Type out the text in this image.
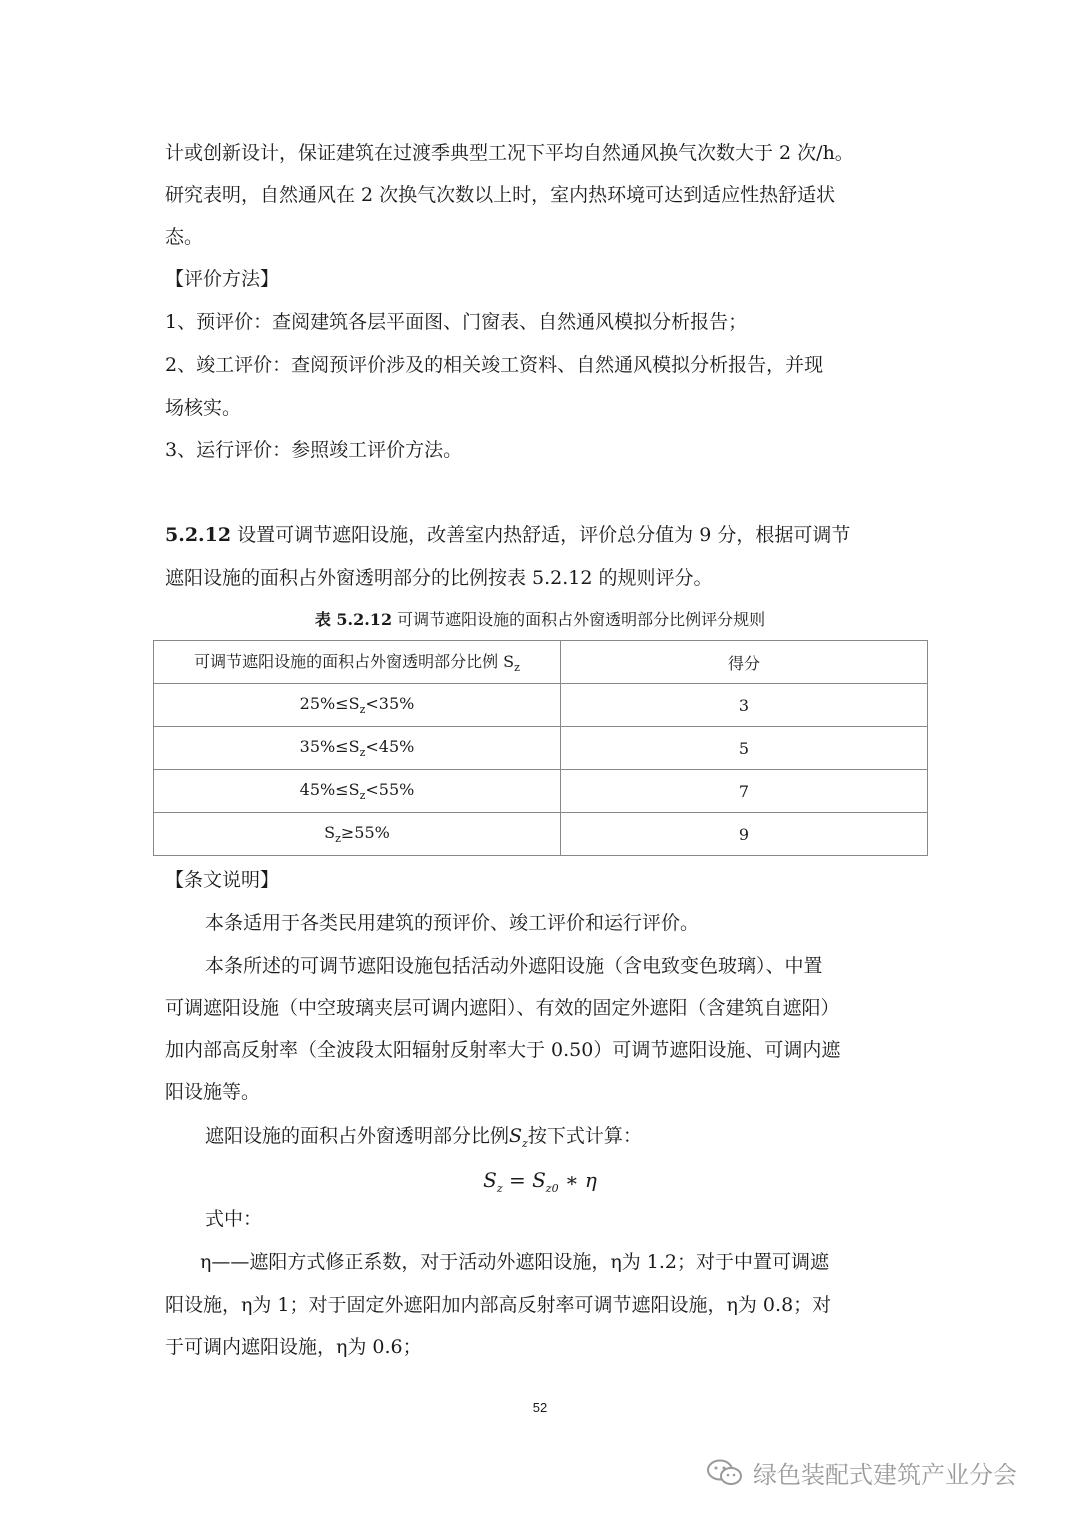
计或创新设计，保证建筑在过渡季典型工况下平均自然通风换气次数大于 2 次/h。
研究表明，自然通风在 2 次换气次数以上时，室内热环境可达到适应性热舒适状
态。
【评价方法】
1、预评价：查阅建筑各层平面图、门窗表、自然通风模拟分析报告；
2、竣工评价：查阅预评价涉及的相关竣工资料、自然通风模拟分析报告，并现
场核实。
3、运行评价：参照竣工评价方法。
5.2.12 设置可调节遮阳设施，改善室内热舒适，评价总分值为 9 分，根据可调节
遮阳设施的面积占外窗透明部分的比例按表 5.2.12 的规则评分。
表 5.2.12 可调节遮阳设施的面积占外窗透明部分比例评分规则
可调节遮阳设施的面积占外窗透明部分比例 $S_z$	得分
$25\%\le S_z<35\%$	3
$35\%\le S_z<45\%$	5
$45\%\le S_z<55\%$	7
$S_z\ge 55\%$	9
【条文说明】
本条适用于各类民用建筑的预评价、竣工评价和运行评价。
本条所述的可调节遮阳设施包括活动外遮阳设施（含电致变色玻璃）、中置
可调遮阳设施（中空玻璃夹层可调内遮阳）、有效的固定外遮阳（含建筑自遮阳）
加内部高反射率（全波段太阳辐射反射率大于 0.50）可调节遮阳设施、可调内遮
阳设施等。
遮阳设施的面积占外窗透明部分比例$S_z$按下式计算：
$S_z = S_{z0}$ ∗ η
式中：
η——遮阳方式修正系数，对于活动外遮阳设施，η为 1.2；对于中置可调遮
阳设施，η为 1；对于固定外遮阳加内部高反射率可调节遮阳设施，η为 0.8；对
于可调内遮阳设施，η为 0.6；
52
绿色装配式建筑产业分会
